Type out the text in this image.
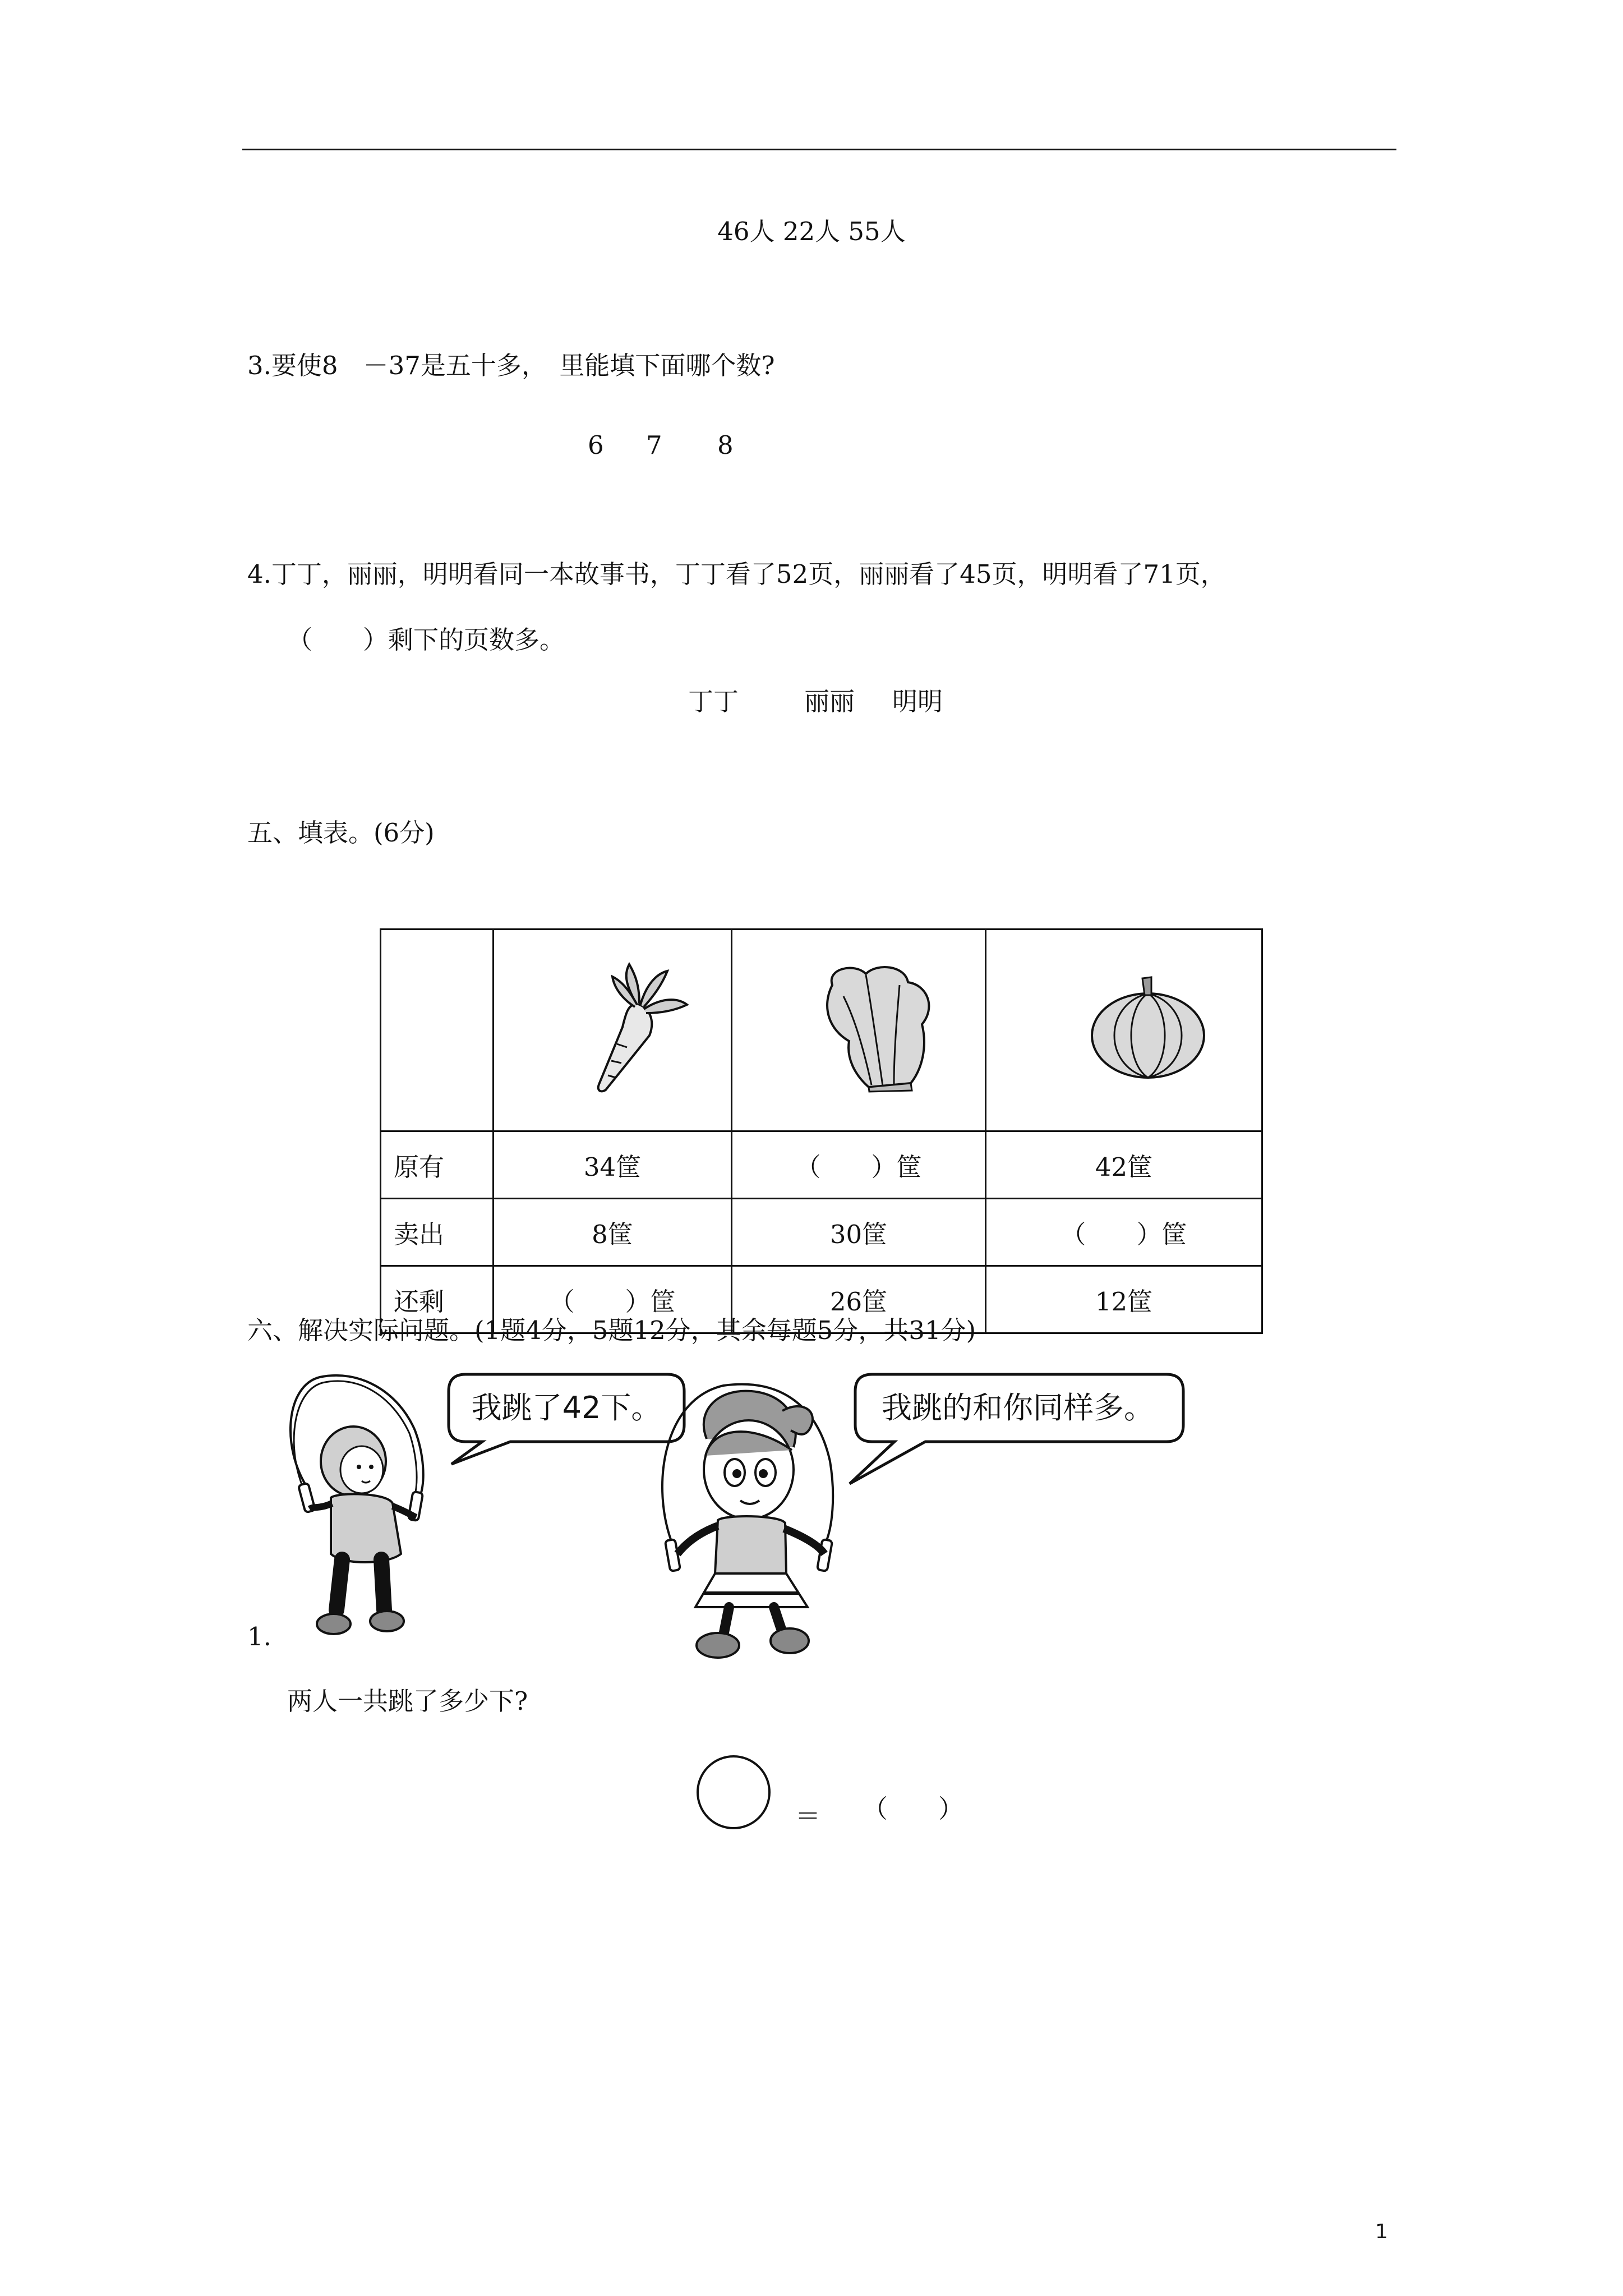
46人 22人 55人
3.要使8　－37是五十多，　里能填下面哪个数?
6 7 8
4.丁丁，丽丽，明明看同一本故事书，丁丁看了52页，丽丽看了45页，明明看了71页，
（　　）剩下的页数多。
丁丁	丽丽 明明
五、填表。(6分)

原有	34筐	（　　）筐	42筐
卖出	8筐	30筐	（　　）筐
还剩	（　　）筐	26筐	12筐
六、解决实际问题。(1题4分，5题12分，其余每题5分，共31分)
我跳了42下。	我跳的和你同样多。
1.
两人一共跳了多少下?
＝ （　　）
1
